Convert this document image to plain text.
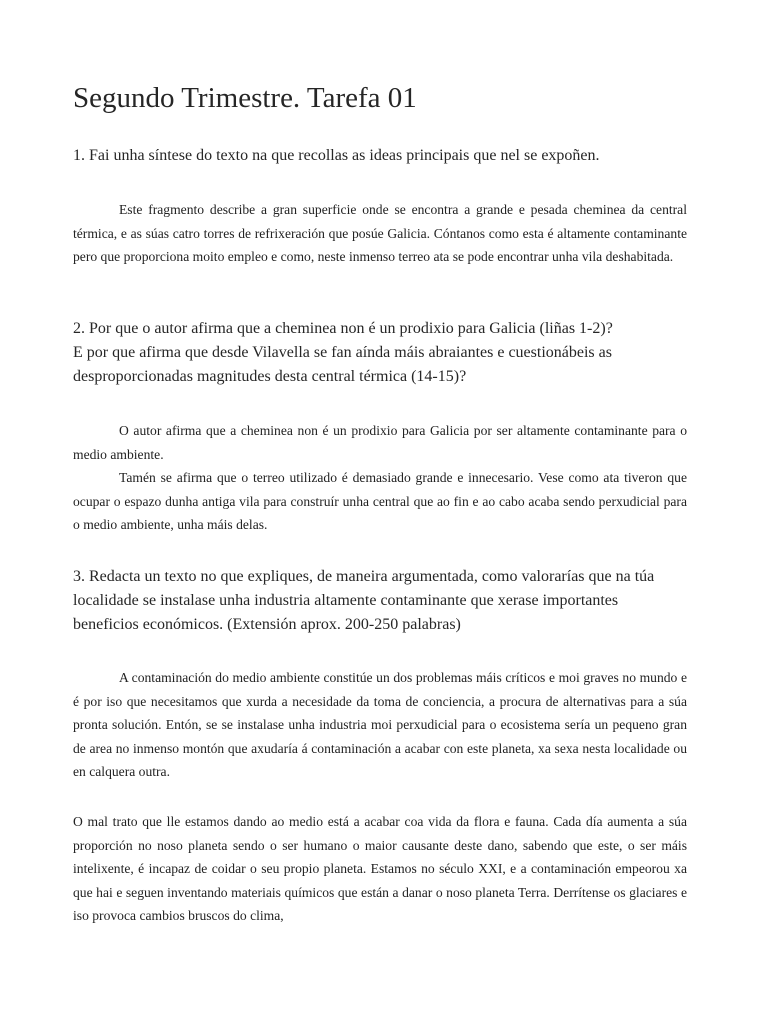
Segundo Trimestre. Tarefa 01
1. Fai unha síntese do texto na que recollas as ideas principais que nel se expoñen.

Este fragmento describe a gran superficie onde se encontra a grande e pesada cheminea da central térmica, e as súas catro torres de refrixeración que posúe Galicia. Cóntanos como esta é altamente contaminante pero que proporciona moito empleo e como, neste inmenso terreo ata se pode encontrar unha vila deshabitada.

2. Por que o autor afirma que a cheminea non é un prodixio para Galicia (liñas 1-2)?
E por que afirma que desde Vilavella se fan aínda máis abraiantes e cuestionábeis as
desproporcionadas magnitudes desta central térmica (14-15)?

O autor afirma que a cheminea non é un prodixio para Galicia por ser altamente contaminante para o medio ambiente.

Tamén se afirma que o terreo utilizado é demasiado grande e innecesario. Vese como ata tiveron que ocupar o espazo dunha antiga vila para construír unha central que ao fin e ao cabo acaba sendo perxudicial para o medio ambiente, unha máis delas.

3. Redacta un texto no que expliques, de maneira argumentada, como valorarías que na túa
localidade se instalase unha industria altamente contaminante que xerase importantes
beneficios económicos. (Extensión aprox. 200-250 palabras)

A contaminación do medio ambiente constitúe un dos problemas máis críticos e moi graves no mundo e é por iso que necesitamos que xurda a necesidade da toma de conciencia, a procura de alternativas para a súa pronta solución. Entón, se se instalase unha industria moi perxudicial para o ecosistema sería un pequeno gran de area no inmenso montón que axudaría á contaminación a acabar con este planeta, xa sexa nesta localidade ou en calquera outra.

O mal trato que lle estamos dando ao medio está a acabar coa vida da flora e fauna. Cada día aumenta a súa proporción no noso planeta sendo o ser humano o maior causante deste dano, sabendo que este, o ser máis intelixente, é incapaz de coidar o seu propio planeta. Estamos no século XXI, e a contaminación empeorou xa que hai e seguen inventando materiais químicos que están a danar o noso planeta Terra. Derrítense os glaciares e iso provoca cambios bruscos do clima,
